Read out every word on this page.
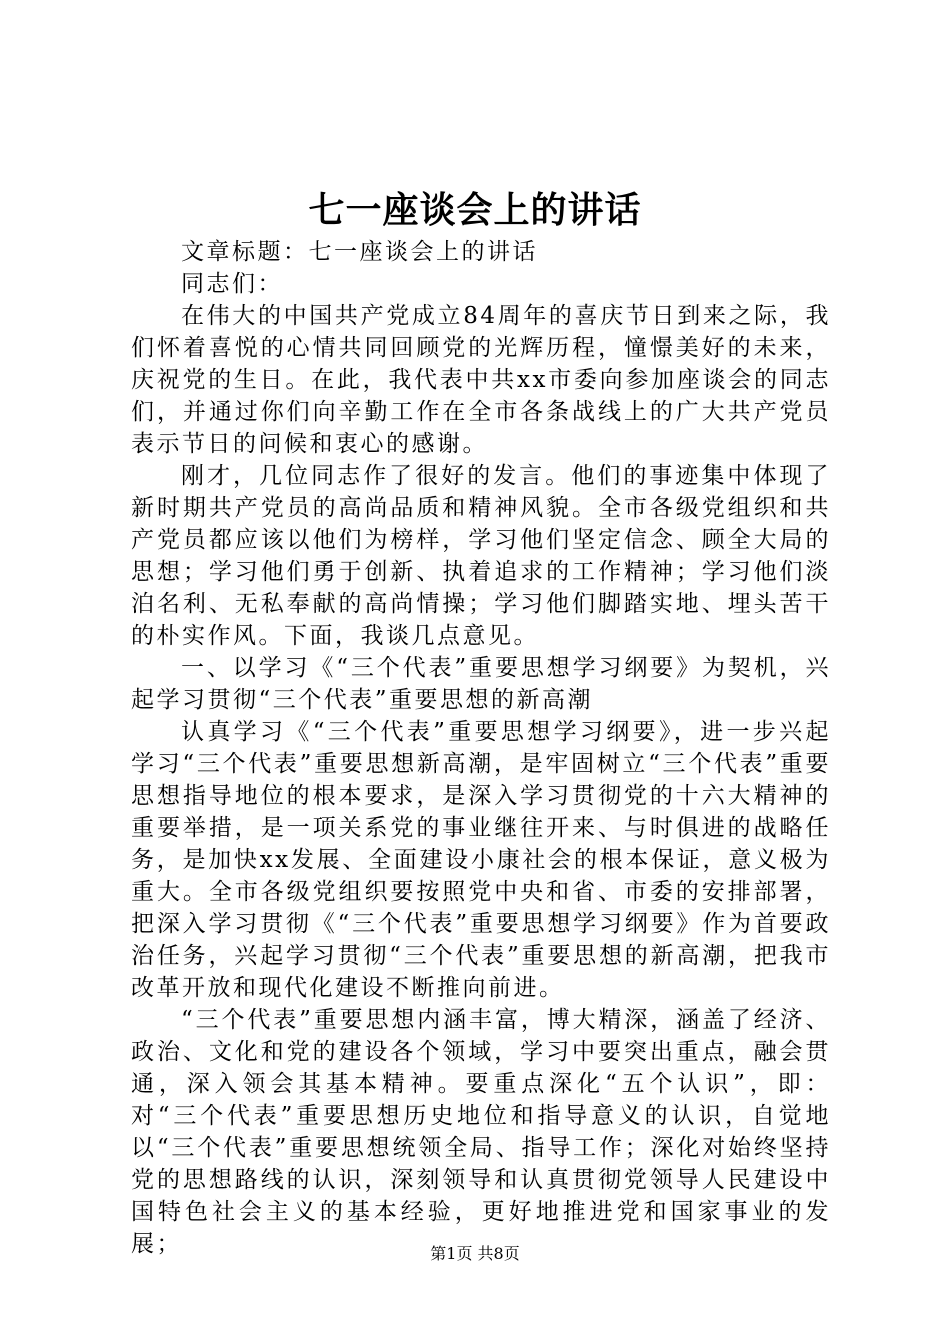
七一座谈会上的讲话

文章标题：七一座谈会上的讲话

同志们：

在伟大的中国共产党成立84周年的喜庆节日到来之际，我们怀着喜悦的心情共同回顾党的光辉历程，憧憬美好的未来，庆祝党的生日。在此，我代表中共xx市委向参加座谈会的同志们，并通过你们向辛勤工作在全市各条战线上的广大共产党员表示节日的问候和衷心的感谢。

刚才，几位同志作了很好的发言。他们的事迹集中体现了新时期共产党员的高尚品质和精神风貌。全市各级党组织和共产党员都应该以他们为榜样，学习他们坚定信念、顾全大局的思想；学习他们勇于创新、执着追求的工作精神；学习他们淡泊名利、无私奉献的高尚情操；学习他们脚踏实地、埋头苦干的朴实作风。下面，我谈几点意见。

一、以学习《“三个代表”重要思想学习纲要》为契机，兴起学习贯彻“三个代表”重要思想的新高潮

认真学习《“三个代表”重要思想学习纲要》，进一步兴起学习“三个代表”重要思想新高潮，是牢固树立“三个代表”重要思想指导地位的根本要求，是深入学习贯彻党的十六大精神的重要举措，是一项关系党的事业继往开来、与时俱进的战略任务，是加快xx发展、全面建设小康社会的根本保证，意义极为重大。全市各级党组织要按照党中央和省、市委的安排部署，把深入学习贯彻《“三个代表”重要思想学习纲要》作为首要政治任务，兴起学习贯彻“三个代表”重要思想的新高潮，把我市改革开放和现代化建设不断推向前进。

“三个代表”重要思想内涵丰富，博大精深，涵盖了经济、政治、文化和党的建设各个领域，学习中要突出重点，融会贯通，深入领会其基本精神。要重点深化“五个认识”，即：对“三个代表”重要思想历史地位和指导意义的认识，自觉地以“三个代表”重要思想统领全局、指导工作；深化对始终坚持党的思想路线的认识，深刻领导和认真贯彻党领导人民建设中国特色社会主义的基本经验，更好地推进党和国家事业的发展；	第1页 共8页
